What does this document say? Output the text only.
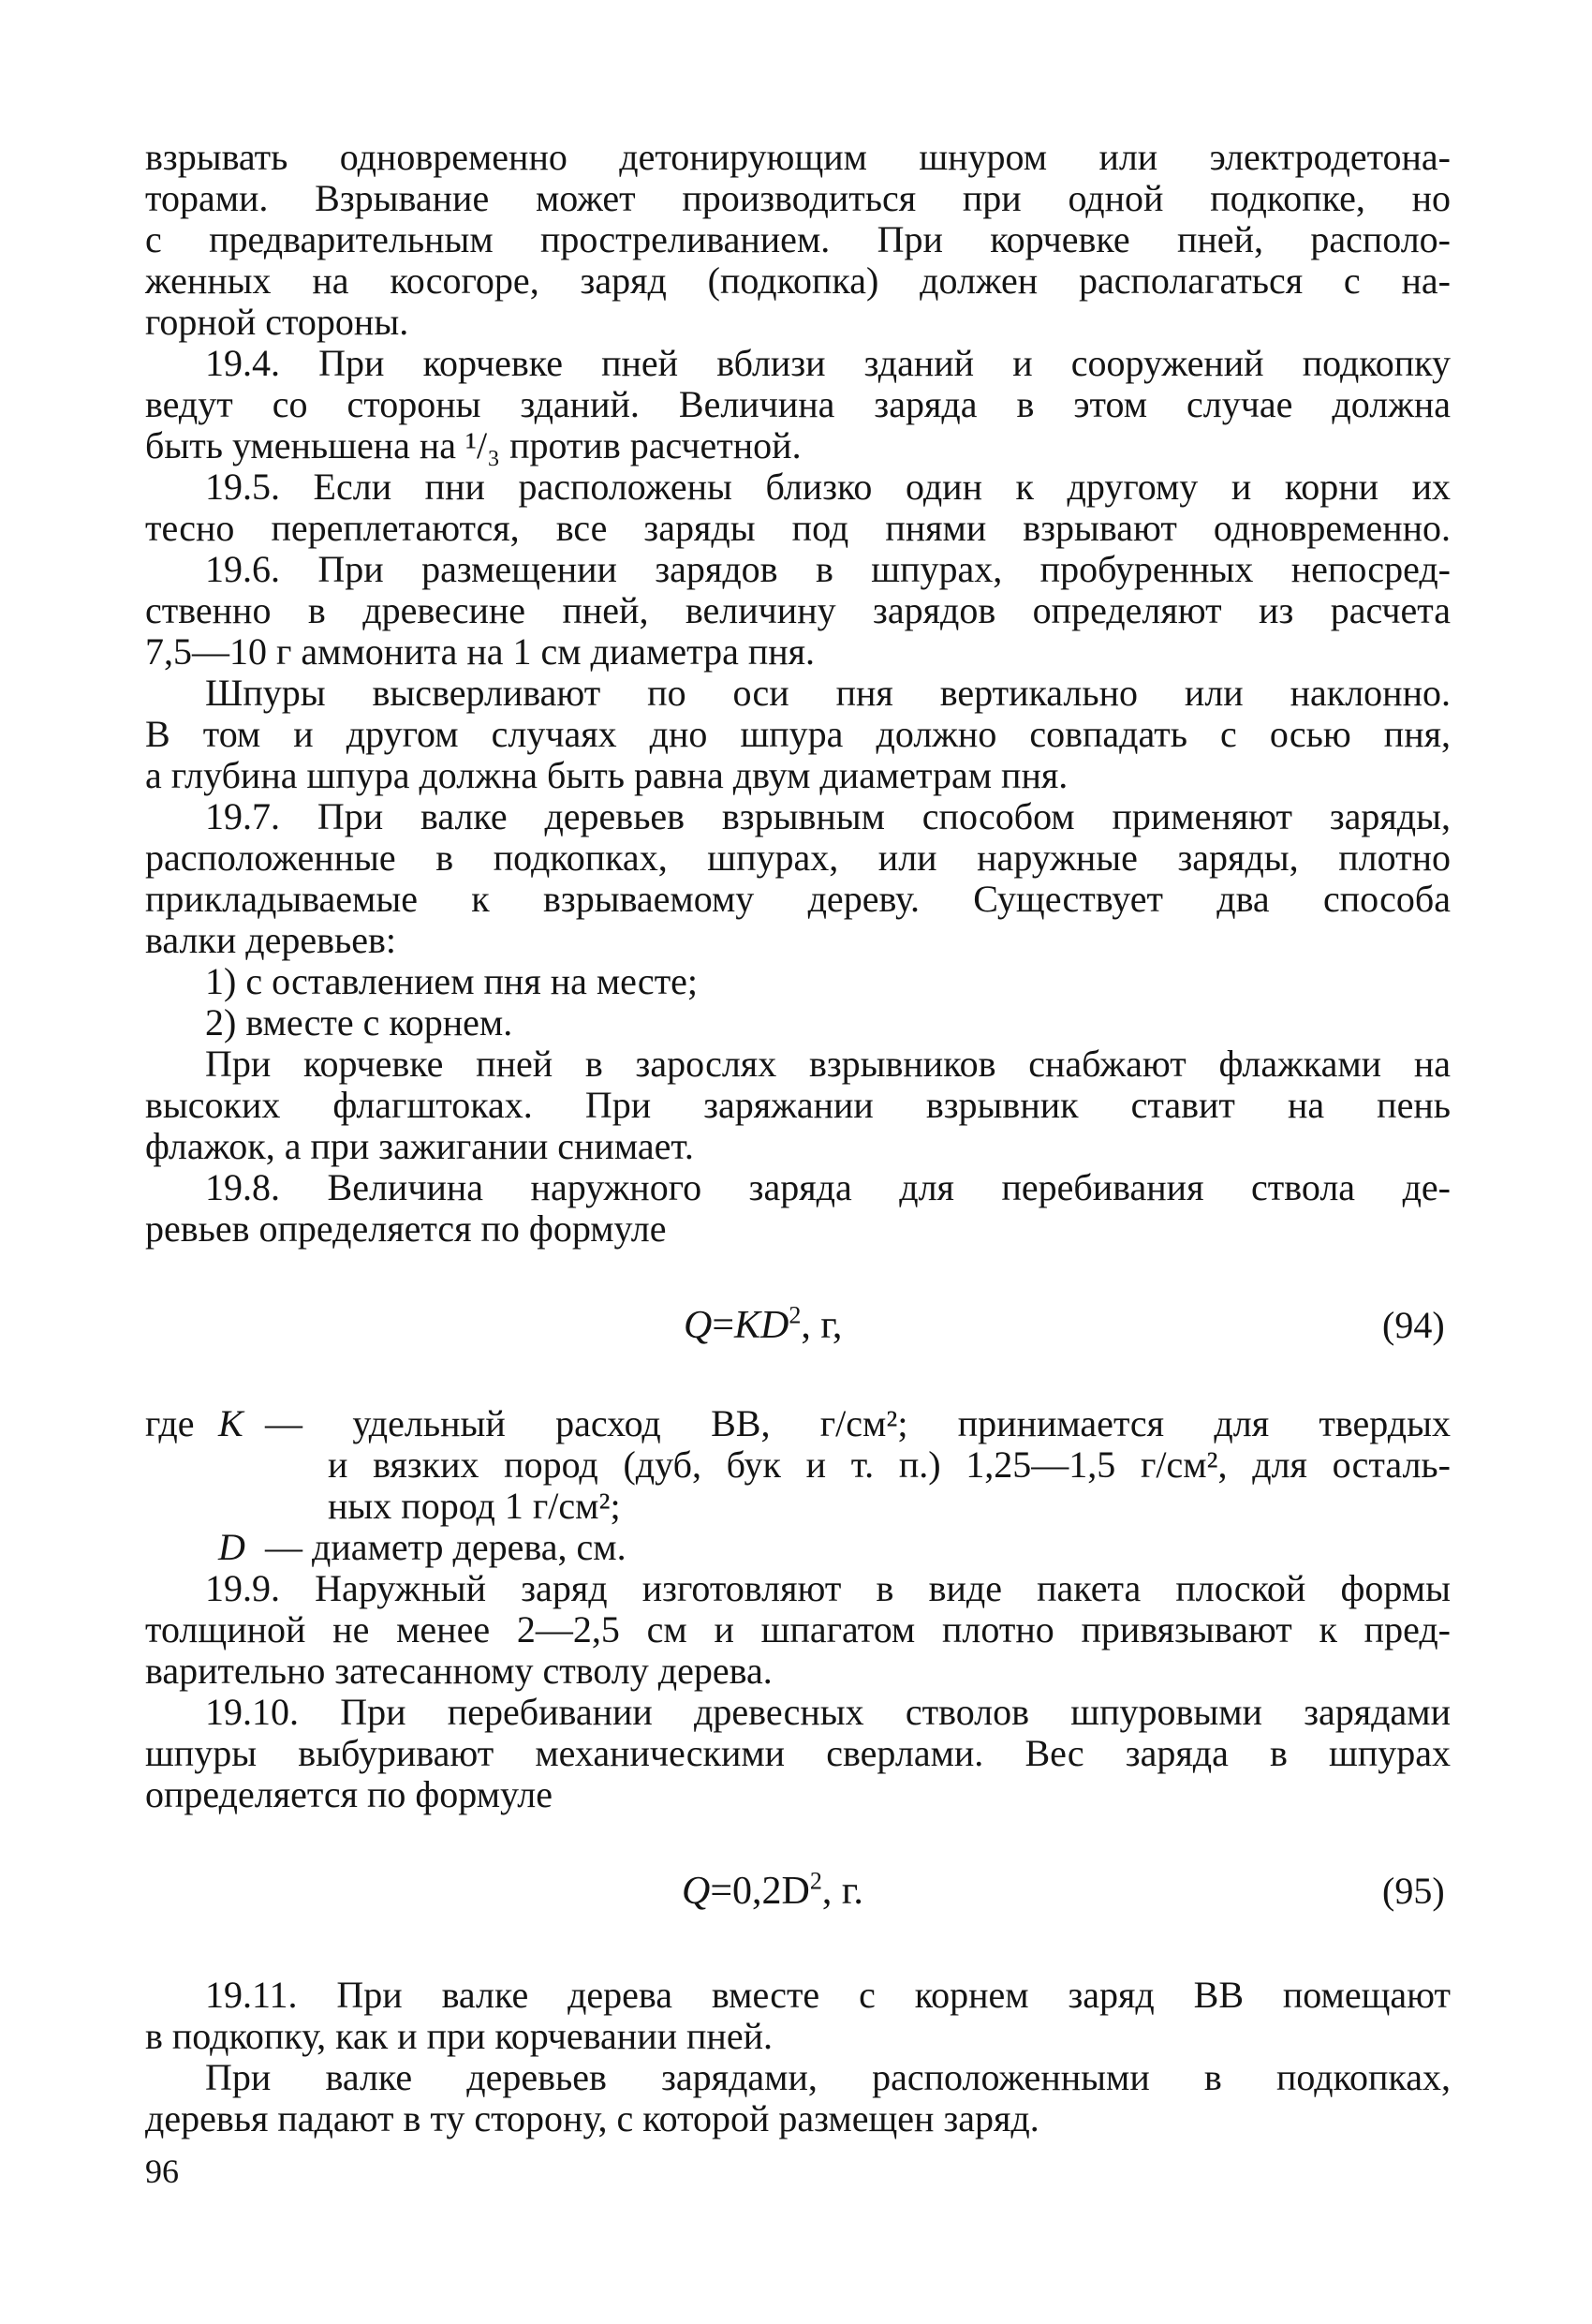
взрывать одновременно детонирующим шнуром или электродетона-
торами. Взрывание может производиться при одной подкопке, но
с предварительным простреливанием. При корчевке пней, располо-
женных на косогоре, заряд (подкопка) должен располагаться с на-
горной стороны.
19.4. При корчевке пней вблизи зданий и сооружений подкопку
ведут со стороны зданий. Величина заряда в этом случае должна
быть уменьшена на ¹/₃ против расчетной.
19.5. Если пни расположены близко один к другому и корни их
тесно переплетаются, все заряды под пнями взрывают одновременно.
19.6. При размещении зарядов в шпурах, пробуренных непосред-
ственно в древесине пней, величину зарядов определяют из расчета
7,5—10 г аммонита на 1 см диаметра пня.
Шпуры высверливают по оси пня вертикально или наклонно.
В том и другом случаях дно шпура должно совпадать с осью пня,
а глубина шпура должна быть равна двум диаметрам пня.
19.7. При валке деревьев взрывным способом применяют заряды,
расположенные в подкопках, шпурах, или наружные заряды, плотно
прикладываемые к взрываемому дереву. Существует два способа
валки деревьев:
1) с оставлением пня на месте;
2) вместе с корнем.
При корчевке пней в зарослях взрывников снабжают флажками на
высоких флагштоках. При заряжании взрывник ставит на пень
флажок, а при зажигании снимает.
19.8. Величина наружного заряда для перебивания ствола де-
ревьев определяется по формуле
$Q=KD^2$, г,	(94)
где K — удельный расход ВВ, г/см²; принимается для твердых
и вязких пород (дуб, бук и т. п.) 1,25—1,5 г/см², для осталь-
ных пород 1 г/см²;
D — диаметр дерева, см.
19.9. Наружный заряд изготовляют в виде пакета плоской формы
толщиной не менее 2—2,5 см и шпагатом плотно привязывают к пред-
варительно затесанному стволу дерева.
19.10. При перебивании древесных стволов шпуровыми зарядами
шпуры выбуривают механическими сверлами. Вес заряда в шпурах
определяется по формуле
$Q=0,2D^2$, г.	(95)
19.11. При валке дерева вместе с корнем заряд ВВ помещают
в подкопку, как и при корчевании пней.
При валке деревьев зарядами, расположенными в подкопках,
деревья падают в ту сторону, с которой размещен заряд.
96
